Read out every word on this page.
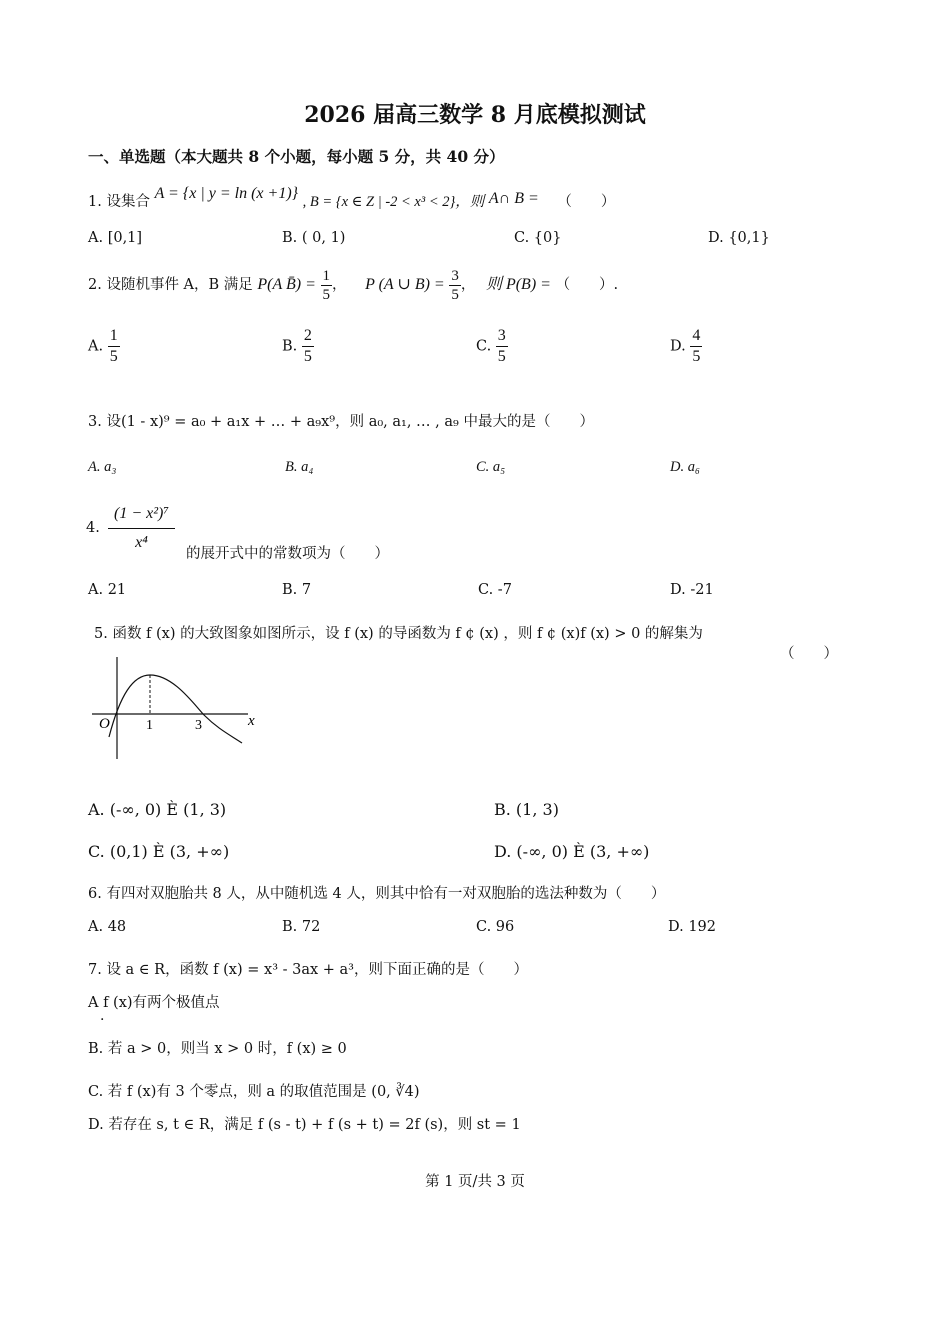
2026 届高三数学 8 月底模拟测试
一、单选题（本大题共 8 个小题，每小题 5 分，共 40 分）
1. 设集合 A = {x | y = ln (x +1)} , B = {x ∈ Z | -2 < x³ < 2}，则 A∩ B = （　　）
A. [0,1]	B. ( 0, 1)	C. {0}	D. {0,1}
2. 设随机事件 A，B 满足 P(A B̄) = $\frac{1}{5}$ ， P (A ∪ $B) = \frac{3}{5}$ ， 则 P(B) = （　　）.
A. $\frac{1}{5}$	B. $\frac{2}{5}$	C. $\frac{3}{5}$	D. $\frac{4}{5}$
3. 设(1 - x)⁹ = a₀ + a₁x + … + a₉x⁹，则 a₀, a₁, … , a₉ 中最大的是（　　）
A. a₃	B. a₄	C. a₅	D. a₆
4. $\frac{\text{(1 − x²)⁷}}{\text{x⁴}}$ 的展开式中的常数项为（　　）
A. 21	B. 7	C. -7	D. -21
5. 函数 f (x) 的大致图象如图所示，设 f (x) 的导函数为 f ¢ (x) ，则 f ¢ (x)f (x) > 0 的解集为
（　　）
O	1	3	x
A. (-∞, 0) È (1, 3)	B. (1, 3)
C. (0,1) È (3, +∞)	D. (-∞, 0) È (3, +∞)
6. 有四对双胞胎共 8 人，从中随机选 4 人，则其中恰有一对双胞胎的选法种数为（　　）
A. 48	B. 72	C. 96	D. 192
7. 设 a ∈ R，函数 f (x) = x³ - 3ax + a³，则下面正确的是（　　）
A f (x)有两个极值点
·
B. 若 a > 0，则当 x > 0 时，f (x) ≥ 0
C. 若 f (x)有 3 个零点，则 a 的取值范围是 (0, ∛4)
D. 若存在 s, t ∈ R，满足 f (s - t) + f (s + t) = 2f (s)，则 st = 1
第 1 页/共 3 页
